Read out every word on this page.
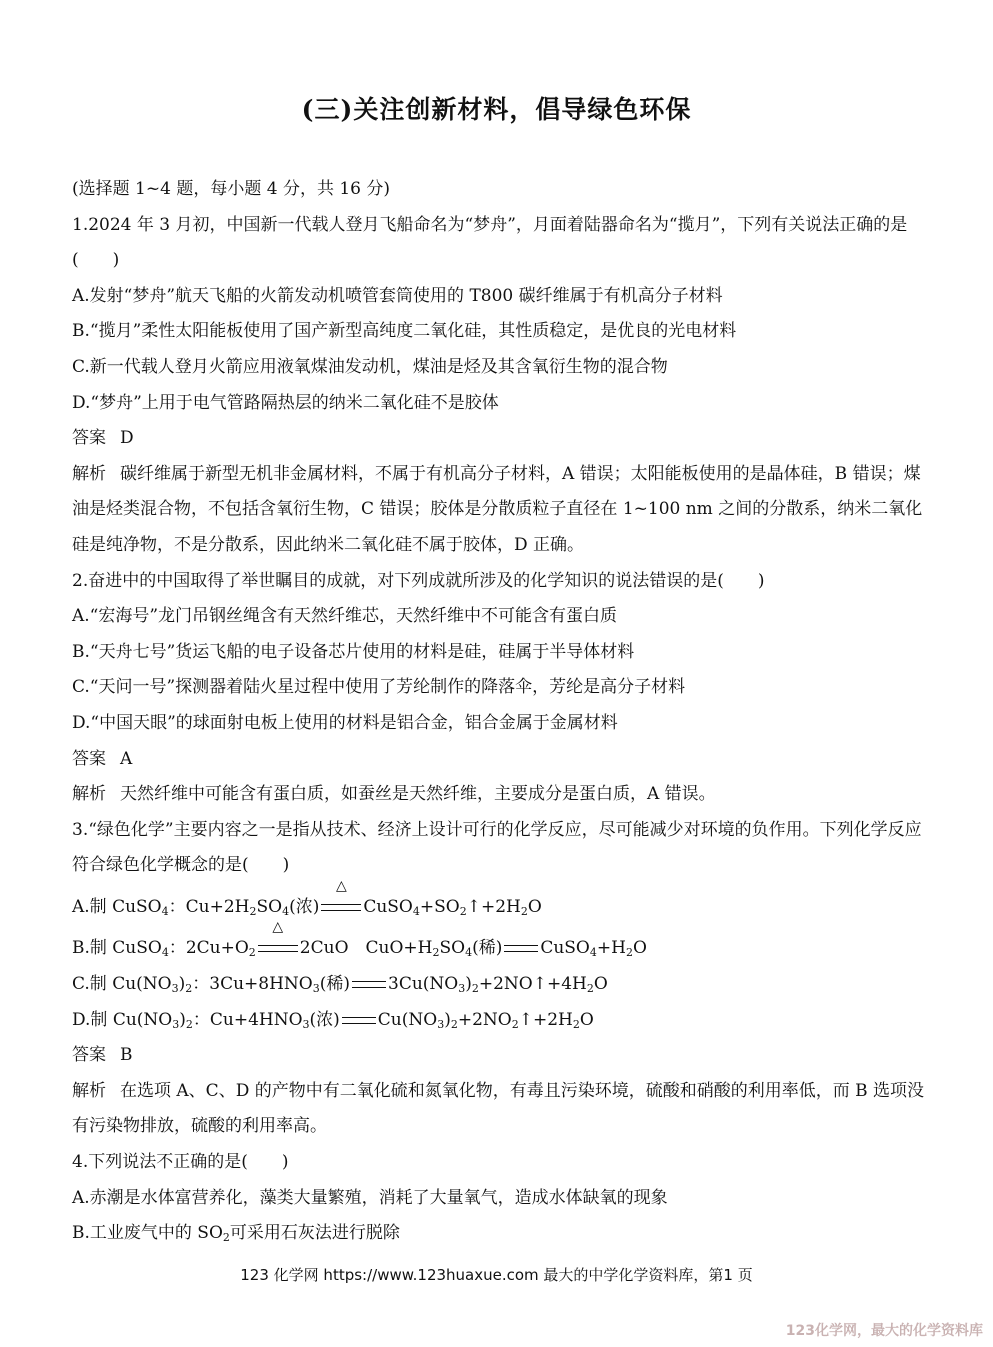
(三)关注创新材料，倡导绿色环保

(选择题 1~4 题，每小题 4 分，共 16 分)

1.2024 年 3 月初，中国新一代载人登月飞船命名为“梦舟”，月面着陆器命名为“揽月”，下列有关说法正确的是(　　)

A.发射“梦舟”航天飞船的火箭发动机喷管套筒使用的 T800 碳纤维属于有机高分子材料

B.“揽月”柔性太阳能板使用了国产新型高纯度二氧化硅，其性质稳定，是优良的光电材料

C.新一代载人登月火箭应用液氧煤油发动机，煤油是烃及其含氧衍生物的混合物

D.“梦舟”上用于电气管路隔热层的纳米二氧化硅不是胶体

答案 D

解析 碳纤维属于新型无机非金属材料，不属于有机高分子材料，A 错误；太阳能板使用的是晶体硅，B 错误；煤油是烃类混合物，不包括含氧衍生物，C 错误；胶体是分散质粒子直径在 1~100 nm 之间的分散系，纳米二氧化硅是纯净物，不是分散系，因此纳米二氧化硅不属于胶体，D 正确。

2.奋进中的中国取得了举世瞩目的成就，对下列成就所涉及的化学知识的说法错误的是(　　)

A.“宏海号”龙门吊钢丝绳含有天然纤维芯，天然纤维中不可能含有蛋白质

B.“天舟七号”货运飞船的电子设备芯片使用的材料是硅，硅属于半导体材料

C.“天问一号”探测器着陆火星过程中使用了芳纶制作的降落伞，芳纶是高分子材料

D.“中国天眼”的球面射电板上使用的材料是铝合金，铝合金属于金属材料

答案 A

解析 天然纤维中可能含有蛋白质，如蚕丝是天然纤维，主要成分是蛋白质，A 错误。

3.“绿色化学”主要内容之一是指从技术、经济上设计可行的化学反应，尽可能减少对环境的负作用。下列化学反应符合绿色化学概念的是(　　)

A.制 CuSO$_4$：$Cu+2H_2SO_4$(浓)
△
$CuSO_4+SO_2↑+2H_2O$

B.制 CuSO$_4$：$2Cu+O_2$
△
2CuO　$CuO+H_2SO_4$(稀) $CuSO_4+H_2O$

C.制 $Cu(NO_3)_2$：$3Cu+8HNO_3$(稀) $3Cu(NO_3)_2+2NO↑+4H_2O$

D.制 $Cu(NO_3)_2$：$Cu+4HNO_3$(浓) $Cu(NO_3)_2+2NO_2↑+2H_2O$

答案 B

解析 在选项 A、C、D 的产物中有二氧化硫和氮氧化物，有毒且污染环境，硫酸和硝酸的利用率低，而 B 选项没有污染物排放，硫酸的利用率高。

4.下列说法不正确的是(　　)

A.赤潮是水体富营养化，藻类大量繁殖，消耗了大量氧气，造成水体缺氧的现象

B.工业废气中的 $SO_2$可采用石灰法进行脱除

123 化学网 https://www.123huaxue.com 最大的中学化学资料库，第1 页
123化学网，最大的化学资料库
